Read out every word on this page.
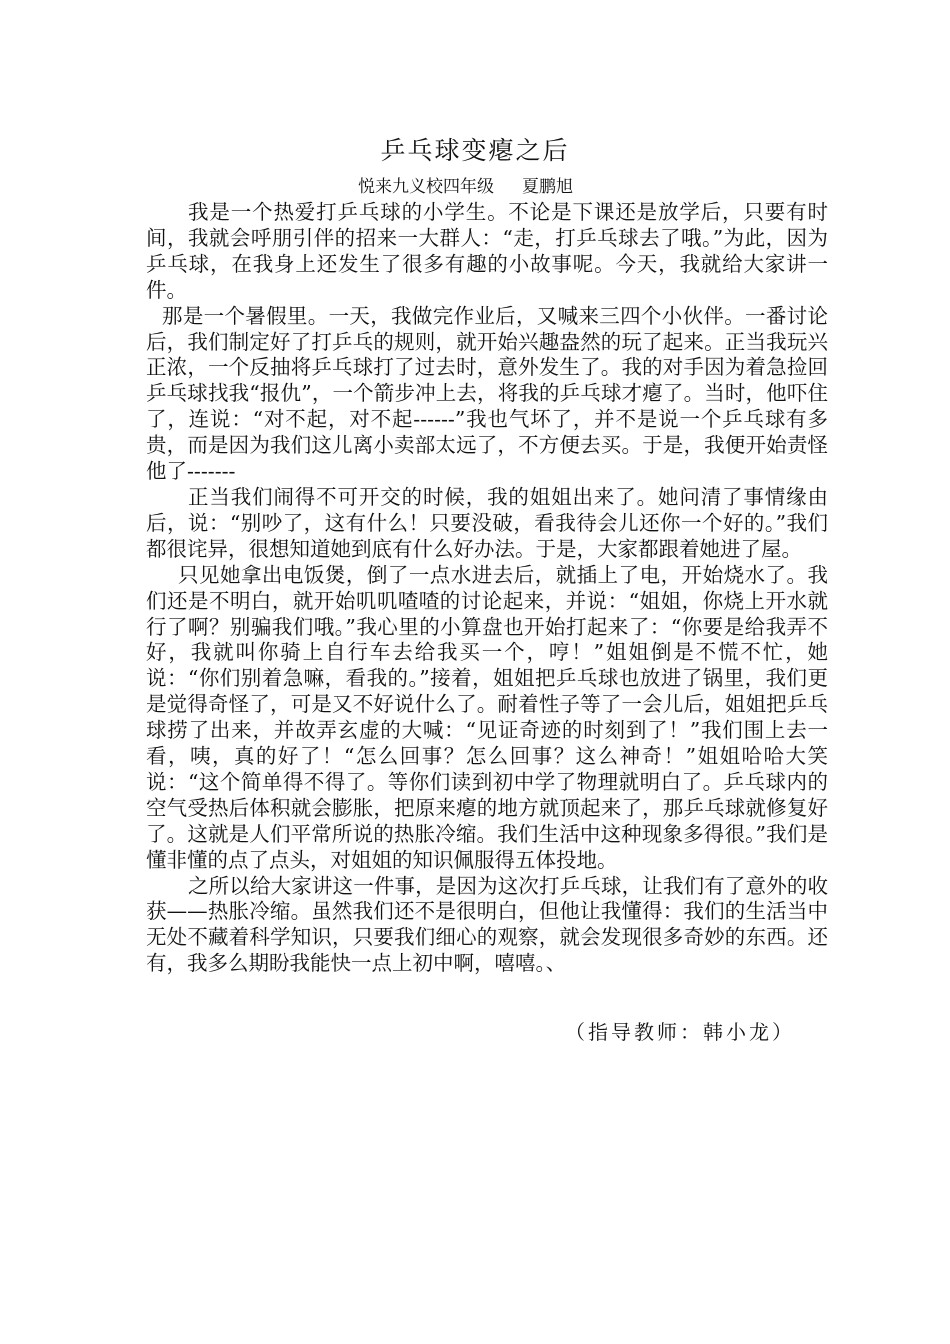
乒乓球变瘪之后
悦来九义校四年级 夏鹏旭

我是一个热爱打乒乓球的小学生。不论是下课还是放学后，只要有时间，我就会呼朋引伴的招来一大群人：“走，打乒乓球去了哦。”为此，因为乒乓球，在我身上还发生了很多有趣的小故事呢。今天，我就给大家讲一件。

那是一个暑假里。一天，我做完作业后，又喊来三四个小伙伴。一番讨论后，我们制定好了打乒乓的规则，就开始兴趣盎然的玩了起来。正当我玩兴正浓，一个反抽将乒乓球打了过去时，意外发生了。我的对手因为着急捡回乒乓球找我“报仇”，一个箭步冲上去，将我的乒乓球才瘪了。当时，他吓住了，连说：“对不起，对不起------”我也气坏了，并不是说一个乒乓球有多贵，而是因为我们这儿离小卖部太远了，不方便去买。于是，我便开始责怪他了-------

正当我们闹得不可开交的时候，我的姐姐出来了。她问清了事情缘由后，说：“别吵了，这有什么！只要没破，看我待会儿还你一个好的。”我们都很诧异，很想知道她到底有什么好办法。于是，大家都跟着她进了屋。

只见她拿出电饭煲，倒了一点水进去后，就插上了电，开始烧水了。我们还是不明白，就开始叽叽喳喳的讨论起来，并说：“姐姐，你烧上开水就行了啊？别骗我们哦。”我心里的小算盘也开始打起来了：“你要是给我弄不好，我就叫你骑上自行车去给我买一个，哼！”姐姐倒是不慌不忙，她说：“你们别着急嘛，看我的。”接着，姐姐把乒乓球也放进了锅里，我们更是觉得奇怪了，可是又不好说什么了。耐着性子等了一会儿后，姐姐把乒乓球捞了出来，并故弄玄虚的大喊：“见证奇迹的时刻到了！”我们围上去一看，咦，真的好了！“怎么回事？怎么回事？这么神奇！”姐姐哈哈大笑说：“这个简单得不得了。等你们读到初中学了物理就明白了。乒乓球内的空气受热后体积就会膨胀，把原来瘪的地方就顶起来了，那乒乓球就修复好了。这就是人们平常所说的热胀冷缩。我们生活中这种现象多得很。”我们是懂非懂的点了点头，对姐姐的知识佩服得五体投地。

之所以给大家讲这一件事，是因为这次打乒乓球，让我们有了意外的收获——热胀冷缩。虽然我们还不是很明白，但他让我懂得：我们的生活当中无处不藏着科学知识，只要我们细心的观察，就会发现很多奇妙的东西。还有，我多么期盼我能快一点上初中啊，嘻嘻。、

（指导教师：韩小龙）
